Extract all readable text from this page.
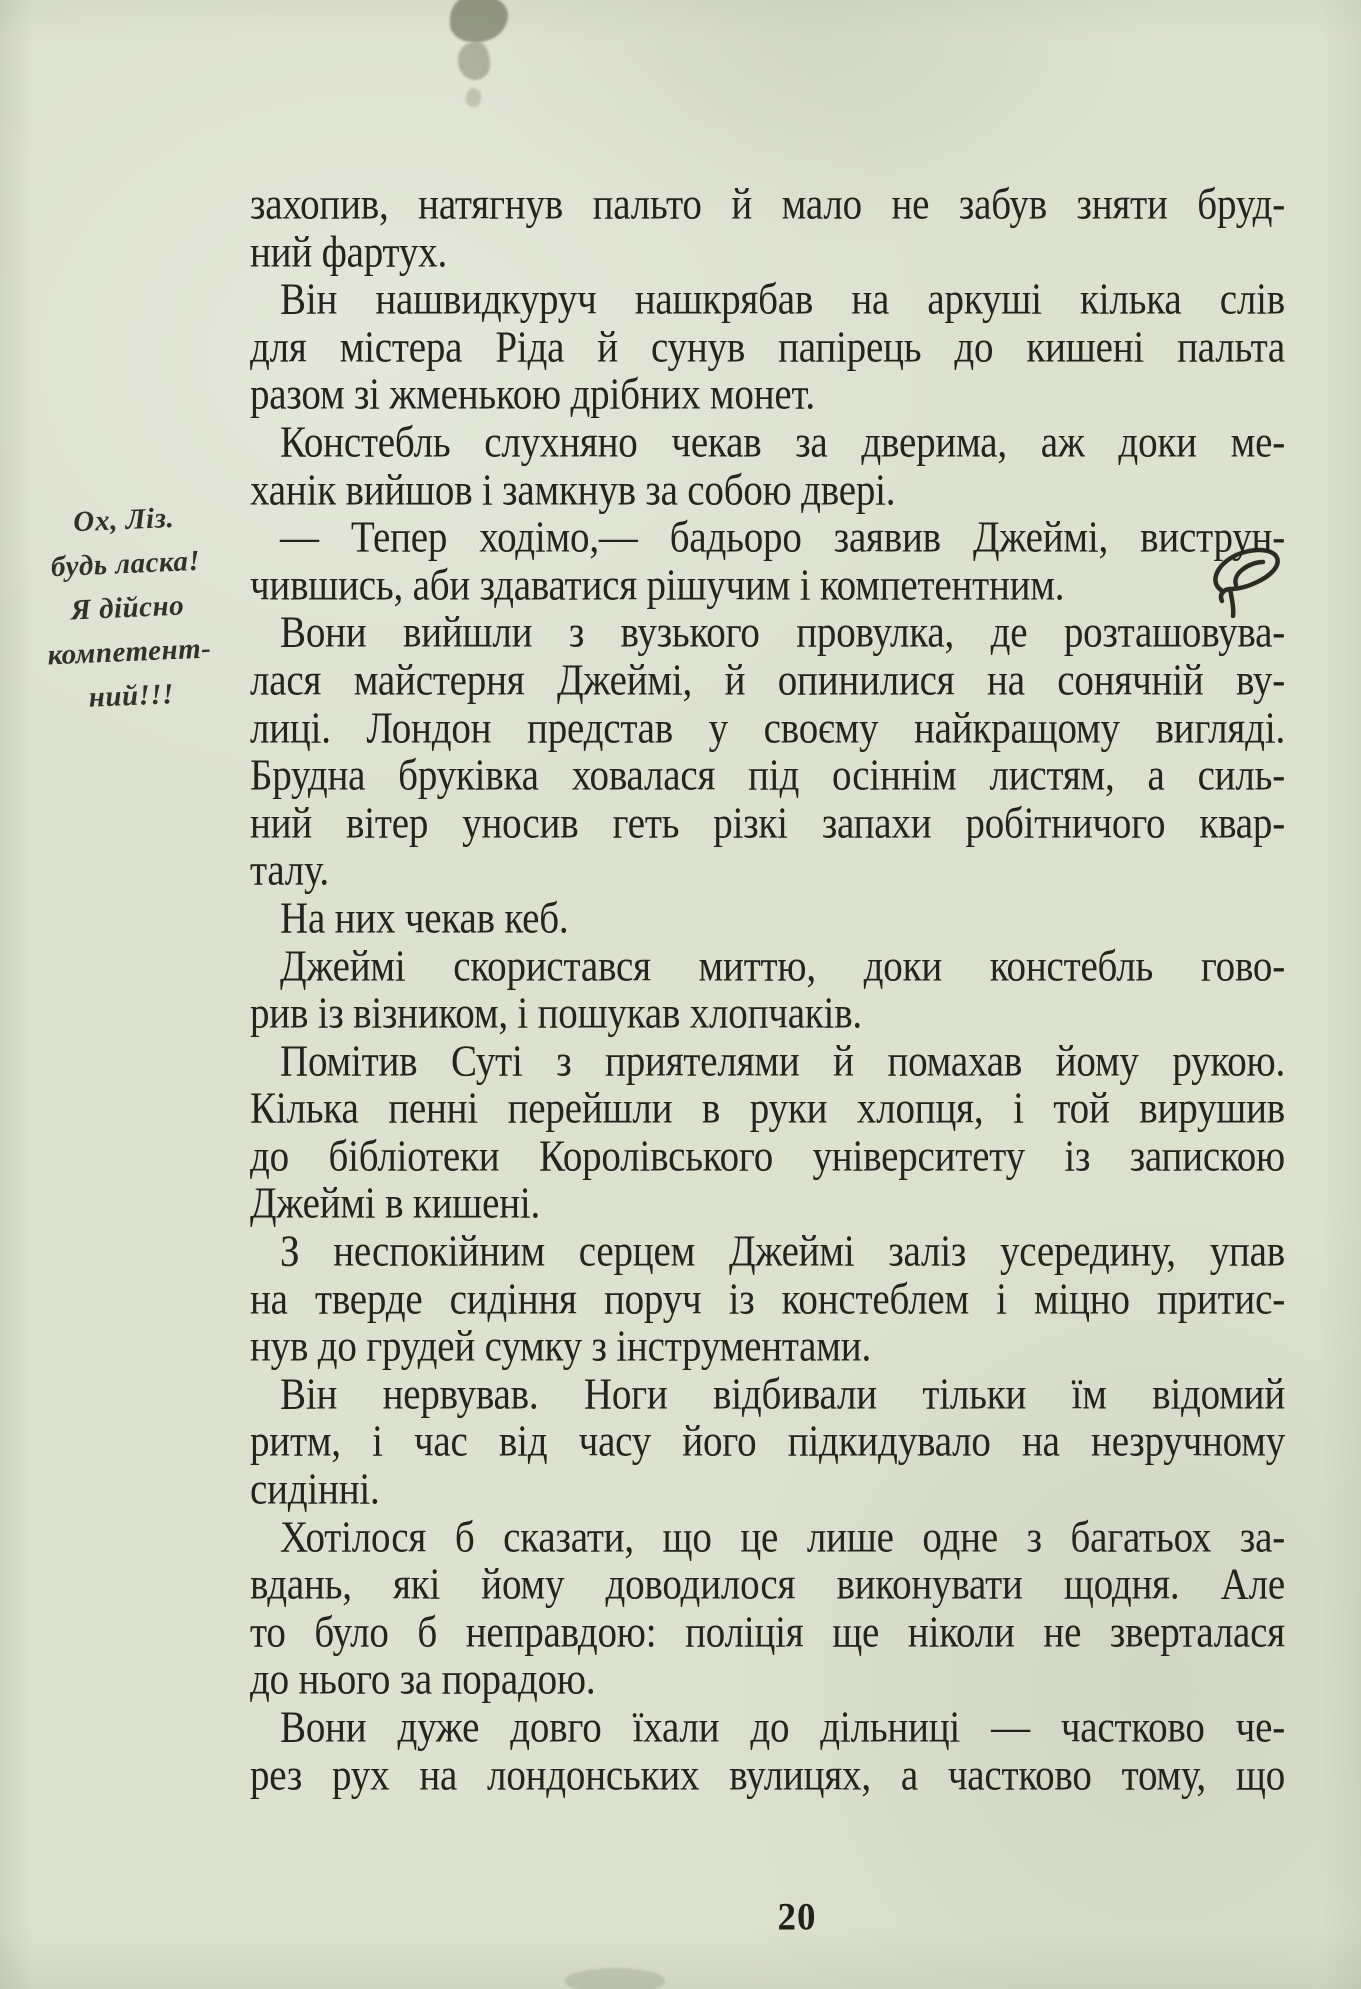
Ох, Ліз.
будь ласка!
Я дійсно
компетент-
ний!!!
захопив, натягнув пальто й мало не забув зняти бруд-
ний фартух.
Він нашвидкуруч нашкрябав на аркуші кілька слів
для містера Ріда й сунув папірець до кишені пальта
разом зі жменькою дрібних монет.
Констебль слухняно чекав за дверима, аж доки ме-
ханік вийшов і замкнув за собою двері.
— Тепер ходімо,— бадьоро заявив Джеймі, виструн-
чившись, аби здаватися рішучим і компетентним.
Вони вийшли з вузького провулка, де розташовува-
лася майстерня Джеймі, й опинилися на сонячній ву-
лиці. Лондон представ у своєму найкращому вигляді.
Брудна бруківка ховалася під осіннім листям, а силь-
ний вітер уносив геть різкі запахи робітничого квар-
талу.
На них чекав кеб.
Джеймі скористався миттю, доки констебль гово-
рив із візником, і пошукав хлопчаків.
Помітив Суті з приятелями й помахав йому рукою.
Кілька пенні перейшли в руки хлопця, і той вирушив
до бібліотеки Королівського університету із запискою
Джеймі в кишені.
З неспокійним серцем Джеймі заліз усередину, упав
на тверде сидіння поруч із констеблем і міцно притис-
нув до грудей сумку з інструментами.
Він нервував. Ноги відбивали тільки їм відомий
ритм, і час від часу його підкидувало на незручному
сидінні.
Хотілося б сказати, що це лише одне з багатьох за-
вдань, які йому доводилося виконувати щодня. Але
то було б неправдою: поліція ще ніколи не зверталася
до нього за порадою.
Вони дуже довго їхали до дільниці — частково че-
рез рух на лондонських вулицях, а частково тому, що
20
